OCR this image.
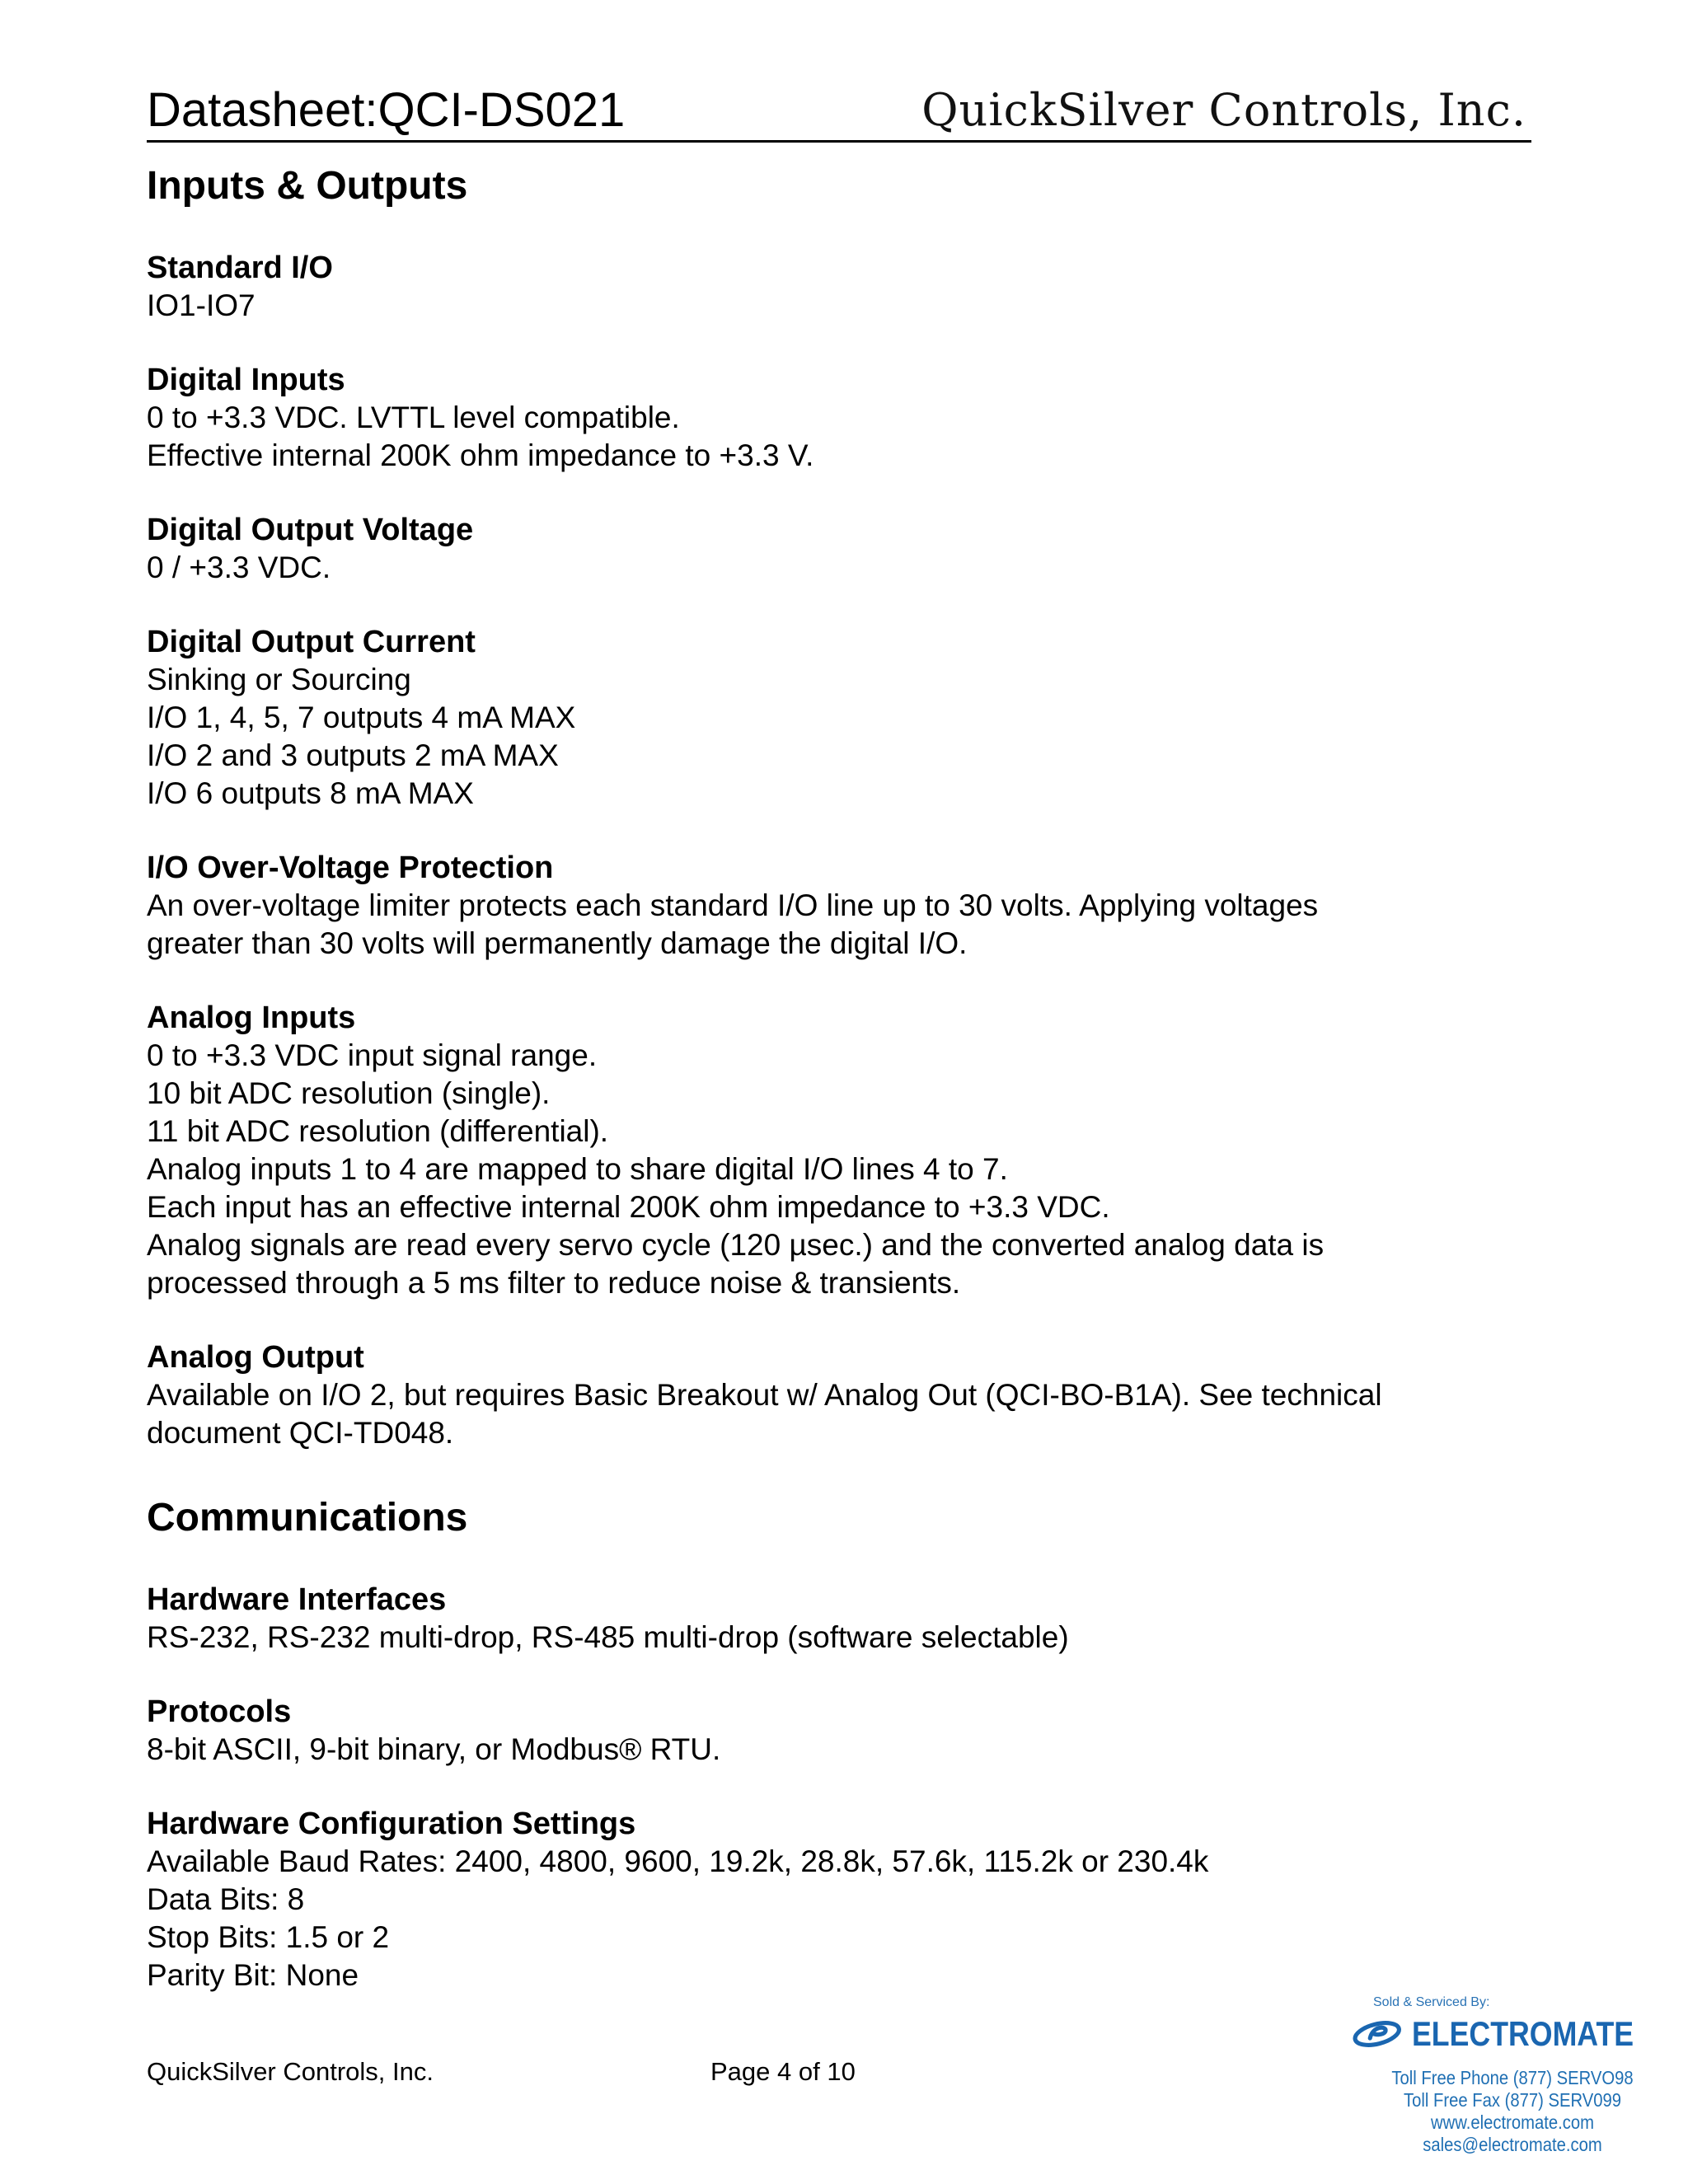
Datasheet:QCI-DS021	QuickSilver Controls, Inc.
Inputs & Outputs
Standard I/O

IO1-IO7

Digital Inputs

0 to +3.3 VDC. LVTTL level compatible.

Effective internal 200K ohm impedance to +3.3 V.

Digital Output Voltage

0 / +3.3 VDC.

Digital Output Current

Sinking or Sourcing

I/O 1, 4, 5, 7 outputs 4 mA MAX

I/O 2 and 3 outputs 2 mA MAX

I/O 6 outputs 8 mA MAX

I/O Over-Voltage Protection

An over-voltage limiter protects each standard I/O line up to 30 volts. Applying voltages

greater than 30 volts will permanently damage the digital I/O.

Analog Inputs

0 to +3.3 VDC input signal range.

10 bit ADC resolution (single).

11 bit ADC resolution (differential).

Analog inputs 1 to 4 are mapped to share digital I/O lines 4 to 7.

Each input has an effective internal 200K ohm impedance to +3.3 VDC.

Analog signals are read every servo cycle (120 µsec.) and the converted analog data is

processed through a 5 ms filter to reduce noise & transients.

Analog Output

Available on I/O 2, but requires Basic Breakout w/ Analog Out (QCI-BO-B1A). See technical

document QCI-TD048.

Communications
Hardware Interfaces

RS-232, RS-232 multi-drop, RS-485 multi-drop (software selectable)

Protocols

8-bit ASCII, 9-bit binary, or Modbus® RTU.

Hardware Configuration Settings

Available Baud Rates: 2400, 4800, 9600, 19.2k, 28.8k, 57.6k, 115.2k or 230.4k

Data Bits: 8

Stop Bits: 1.5 or 2

Parity Bit: None

QuickSilver Controls, Inc.	Page 4 of 10
Sold & Serviced By:
ELECTROMATE
Toll Free Phone (877) SERVO98
Toll Free Fax (877) SERV099
www.electromate.com
sales@electromate.com
